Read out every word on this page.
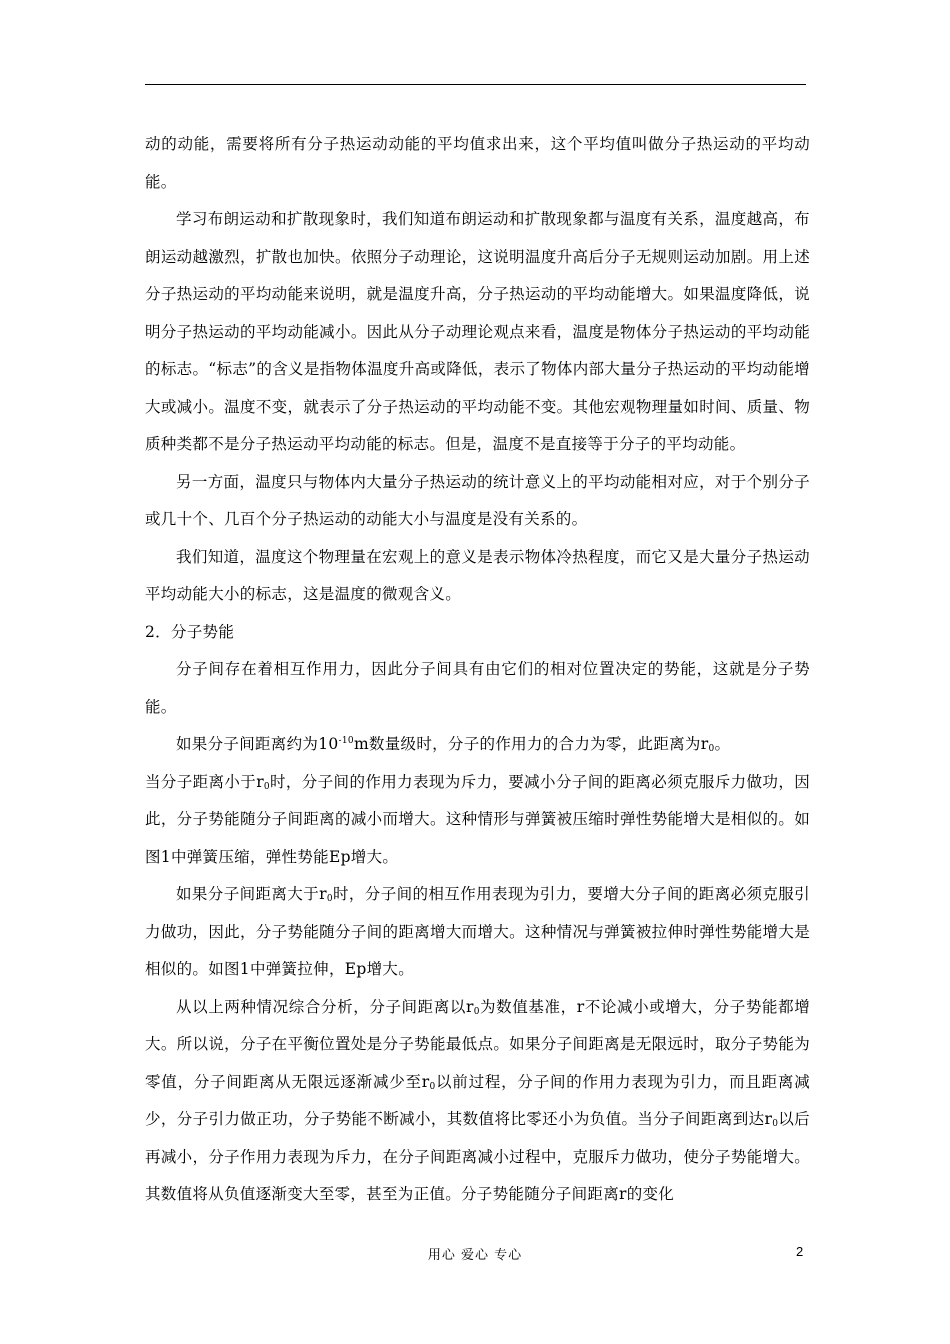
动的动能，需要将所有分子热运动动能的平均值求出来，这个平均值叫做分子热运动的平均动能。

学习布朗运动和扩散现象时，我们知道布朗运动和扩散现象都与温度有关系，温度越高，布朗运动越激烈，扩散也加快。依照分子动理论，这说明温度升高后分子无规则运动加剧。用上述分子热运动的平均动能来说明，就是温度升高，分子热运动的平均动能增大。如果温度降低，说明分子热运动的平均动能减小。因此从分子动理论观点来看，温度是物体分子热运动的平均动能的标志。“标志”的含义是指物体温度升高或降低，表示了物体内部大量分子热运动的平均动能增大或减小。温度不变，就表示了分子热运动的平均动能不变。其他宏观物理量如时间、质量、物质种类都不是分子热运动平均动能的标志。但是，温度不是直接等于分子的平均动能。

另一方面，温度只与物体内大量分子热运动的统计意义上的平均动能相对应，对于个别分子或几十个、几百个分子热运动的动能大小与温度是没有关系的。

我们知道，温度这个物理量在宏观上的意义是表示物体冷热程度，而它又是大量分子热运动平均动能大小的标志，这是温度的微观含义。

2．分子势能

分子间存在着相互作用力，因此分子间具有由它们的相对位置决定的势能，这就是分子势能。

如果分子间距离约为$10^{-10}m$数量级时，分子的作用力的合力为零，此距离为$r_0$。

当分子距离小于$r_0$时，分子间的作用力表现为斥力，要减小分子间的距离必须克服斥力做功，因此，分子势能随分子间距离的减小而增大。这种情形与弹簧被压缩时弹性势能增大是相似的。如图1中弹簧压缩，弹性势能Ep增大。

如果分子间距离大于$r_0$时，分子间的相互作用表现为引力，要增大分子间的距离必须克服引力做功，因此，分子势能随分子间的距离增大而增大。这种情况与弹簧被拉伸时弹性势能增大是相似的。如图1中弹簧拉伸，Ep增大。

从以上两种情况综合分析，分子间距离以$r_0$为数值基准，r不论减小或增大，分子势能都增大。所以说，分子在平衡位置处是分子势能最低点。如果分子间距离是无限远时，取分子势能为零值，分子间距离从无限远逐渐减少至$r_0$以前过程，分子间的作用力表现为引力，而且距离减少，分子引力做正功，分子势能不断减小，其数值将比零还小为负值。当分子间距离到达$r_0$以后再减小，分子作用力表现为斥力，在分子间距离减小过程中，克服斥力做功，使分子势能增大。其数值将从负值逐渐变大至零，甚至为正值。分子势能随分子间距离r的变化

用心 爱心 专心	2
